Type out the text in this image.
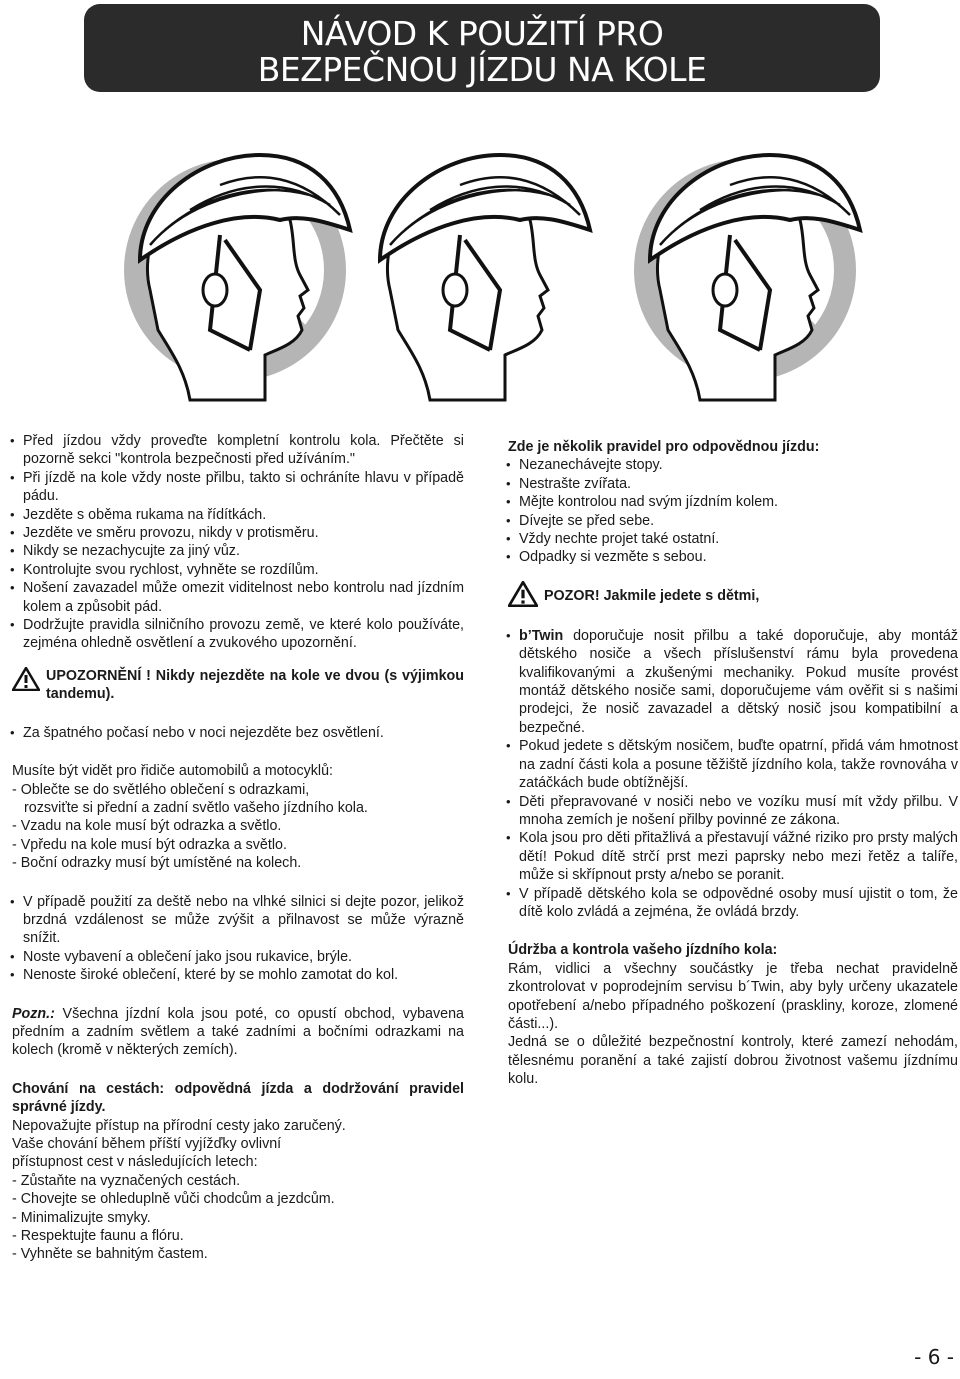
NÁVOD K POUŽITÍ PRO
BEZPEČNOU JÍZDU NA KOLE

• Před jízdou vždy proveďte kompletní kontrolu kola. Přečtěte si pozorně sekci "kontrola bezpečnosti před užíváním."

• Při jízdě na kole vždy noste přilbu, takto si ochráníte hlavu v případě pádu.

• Jezděte s oběma rukama na řídítkách.

• Jezděte ve směru provozu, nikdy v protisměru.

• Nikdy se nezachycujte za jiný vůz.

• Kontrolujte svou rychlost, vyhněte se rozdílům.

• Nošení zavazadel může omezit viditelnost nebo kontrolu nad jízdním kolem a způsobit pád.

• Dodržujte pravidla silničního provozu země, ve které kolo používáte, zejména ohledně osvětlení a zvukového upozornění.

UPOZORNĚNÍ ! Nikdy nejezděte na kole ve dvou (s výjimkou tandemu).

• Za špatného počasí nebo v noci nejezděte bez osvětlení.

Musíte být vidět pro řidiče automobilů a motocyklů:

- Oblečte se do světlého oblečení s odrazkami,

rozsviťte si přední a zadní světlo vašeho jízdního kola.

- Vzadu na kole musí být odrazka a světlo.

- Vpředu na kole musí být odrazka a světlo.

- Boční odrazky musí být umístěné na kolech.

• V případě použití za deště nebo na vlhké silnici si dejte pozor, jelikož brzdná vzdálenost se může zvýšit a přilnavost se může výrazně snížit.

• Noste vybavení a oblečení jako jsou rukavice, brýle.

• Nenoste široké oblečení, které by se mohlo zamotat do kol.

Pozn.: Všechna jízdní kola jsou poté, co opustí obchod, vybavena předním a zadním světlem a také zadními a bočními odrazkami na kolech (kromě v některých zemích).

Chování na cestách: odpovědná jízda a dodržování pravidel správné jízdy.

Nepovažujte přístup na přírodní cesty jako zaručený.

Vaše chování během příští vyjížďky ovlivní

přístupnost cest v následujících letech:

- Zůstaňte na vyznačených cestách.

- Chovejte se ohleduplně vůči chodcům a jezdcům.

- Minimalizujte smyky.

- Respektujte faunu a flóru.

- Vyhněte se bahnitým častem.

Zde je několik pravidel pro odpovědnou jízdu:

• Nezanechávejte stopy.

• Nestrašte zvířata.

• Mějte kontrolou nad svým jízdním kolem.

• Dívejte se před sebe.

• Vždy nechte projet také ostatní.

• Odpadky si vezměte s sebou.

POZOR! Jakmile jedete s dětmi,

• b’Twin doporučuje nosit přilbu a také doporučuje, aby montáž dětského nosiče a všech příslušenství rámu byla provedena kvalifikovanými a zkušenými mechaniky. Pokud musíte provést montáž dětského nosiče sami, doporučujeme vám ověřit si s našimi prodejci, že nosič zavazadel a dětský nosič jsou kompatibilní a bezpečné.

• Pokud jedete s dětským nosičem, buďte opatrní, přidá vám hmotnost na zadní části kola a posune těžiště jízdního kola, takže rovnováha v zatáčkách bude obtížnější.

• Děti přepravované v nosiči nebo ve vozíku musí mít vždy přilbu. V mnoha zemích je nošení přilby povinné ze zákona.

• Kola jsou pro děti přitažlivá a přestavují vážné riziko pro prsty malých dětí! Pokud dítě strčí prst mezi paprsky nebo mezi řetěz a talíře, může si skřípnout prsty a/nebo se poranit.

• V případě dětského kola se odpovědné osoby musí ujistit o tom, že dítě kolo zvládá a zejména, že ovládá brzdy.

Údržba a kontrola vašeho jízdního kola:

Rám, vidlici a všechny součástky je třeba nechat pravidelně zkontrolovat v poprodejním servisu b´Twin, aby byly určeny ukazatele opotřebení a/nebo případného poškození (praskliny, koroze, zlomené části...).

Jedná se o důležité bezpečnostní kontroly, které zamezí nehodám, tělesnému poranění a také zajistí dobrou životnost vašemu jízdnímu kolu.

- 6 -
